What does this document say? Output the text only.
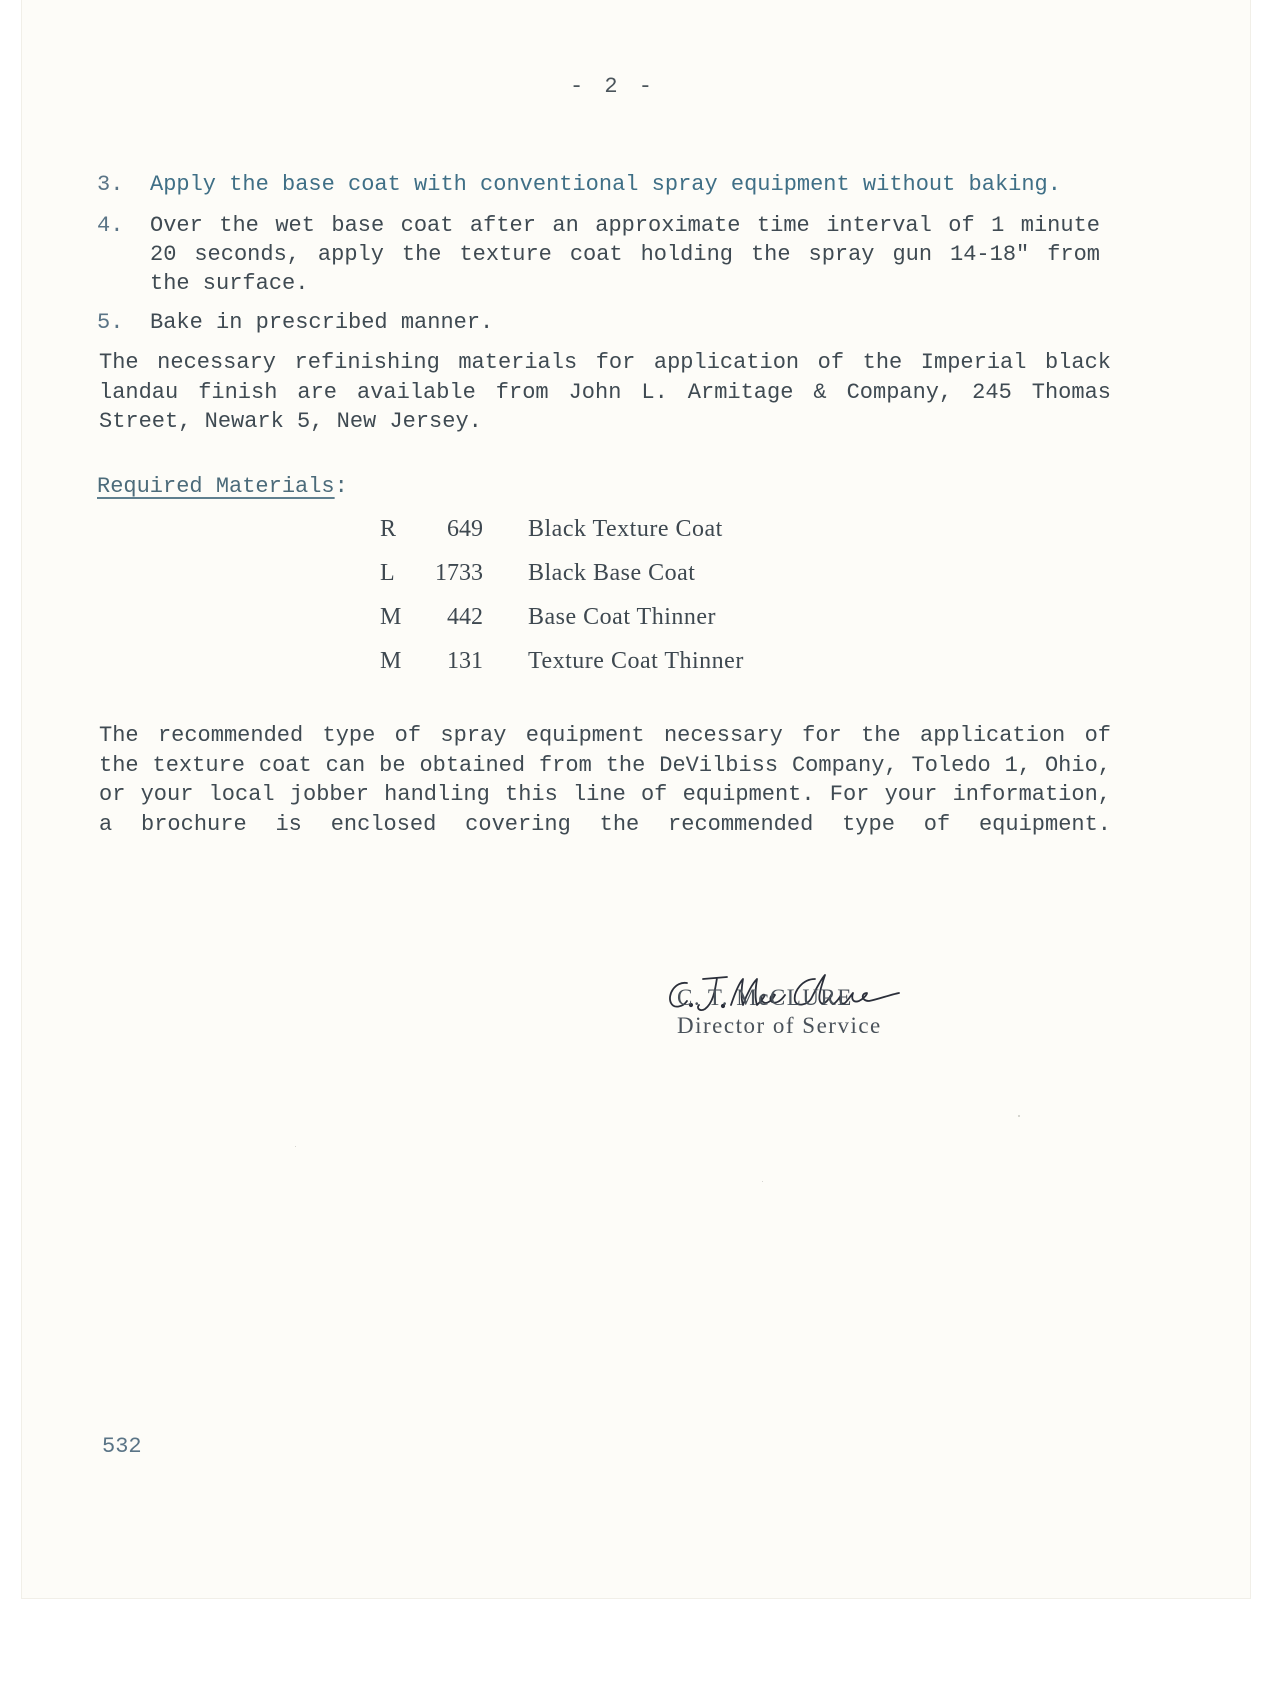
- 2 -
3. Apply the base coat with conventional spray equipment without baking.
4. Over the wet base coat after an approximate time interval of 1 minute 20 seconds, apply the texture coat holding the spray gun 14-18" from the surface.
5. Bake in prescribed manner.
The necessary refinishing materials for application of the Imperial black
landau finish are available from John L. Armitage & Company, 245 Thomas
Street, Newark 5, New Jersey.
Required Materials:
R	649 Black Texture Coat
L	1733 Black Base Coat
M	442 Base Coat Thinner
M	131 Texture Coat Thinner
The recommended type of spray equipment necessary for the application of
the texture coat can be obtained from the DeVilbiss Company, Toledo 1, Ohio,
or your local jobber handling this line of equipment. For your information,
a brochure is enclosed covering the recommended type of equipment.
C. T. McCLURE
Director of Service
532
